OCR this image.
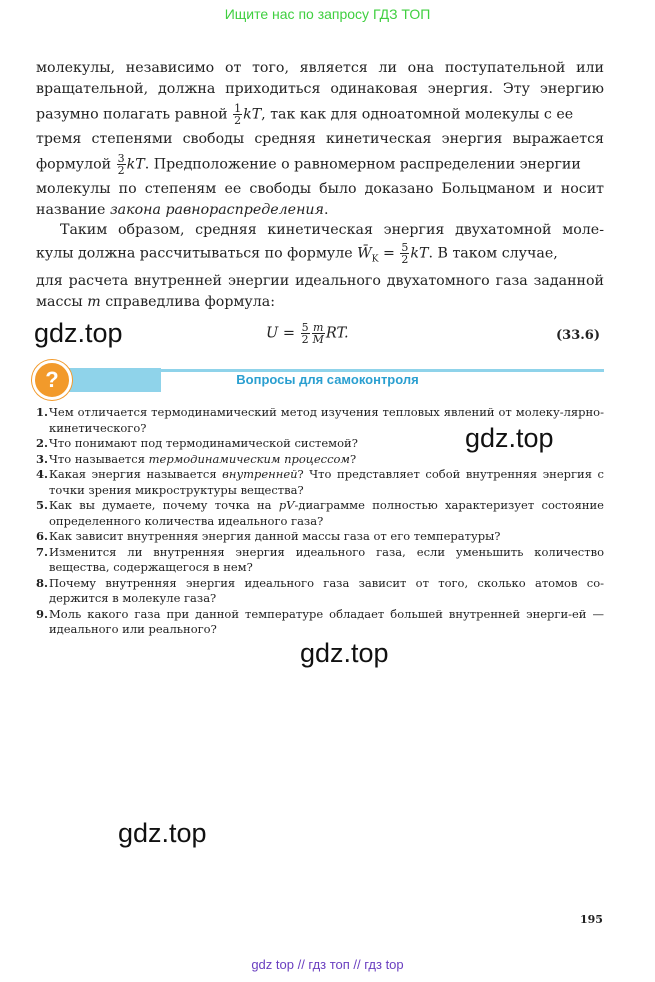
Ищите нас по запросу ГДЗ ТОП
молекулы, независимо от того, является ли она поступательной или
вращательной, должна приходиться одинаковая энергия. Эту энергию
разумно полагать равной $\frac{1}{2}$ kT, так как для одноатомной молекулы с ее
тремя степенями свободы средняя кинетическая энергия выражается
формулой $\frac{3}{2}$ kT. Предположение о равномерном распределении энергии
молекулы по степеням ее свободы было доказано Больцманом и носит
название закона равнораспределения.
Таким образом, средняя кинетическая энергия двухатомной моле-
кулы должна рассчитываться по формуле $W̄_K = \frac{5}{2}$ kT. В таком случае,
для расчета внутренней энергии идеального двухатомного газа заданной
массы m справедлива формула:
$U = \frac{5}{2} \frac{m}{M}$ RT.	(33.6)
gdz.top
gdz.top
gdz.top
gdz.top
?	Вопросы для самоконтроля
1. Чем отличается термодинамический метод изучения тепловых явлений от молеку-лярно-кинетического?
2. Что понимают под термодинамической системой?
3. Что называется термодинамическим процессом?
4. Какая энергия называется внутренней? Что представляет собой внутренняя энергия с точки зрения микроструктуры вещества?
5. Как вы думаете, почему точка на pV-диаграмме полностью характеризует состояние определенного количества идеального газа?
6. Как зависит внутренняя энергия данной массы газа от его температуры?
7. Изменится ли внутренняя энергия идеального газа, если уменьшить количество вещества, содержащегося в нем?
8. Почему внутренняя энергия идеального газа зависит от того, сколько атомов со-держится в молекуле газа?
9. Моль какого газа при данной температуре обладает большей внутренней энерги-ей — идеального или реального?
195
gdz top // гдз топ // гдз top
